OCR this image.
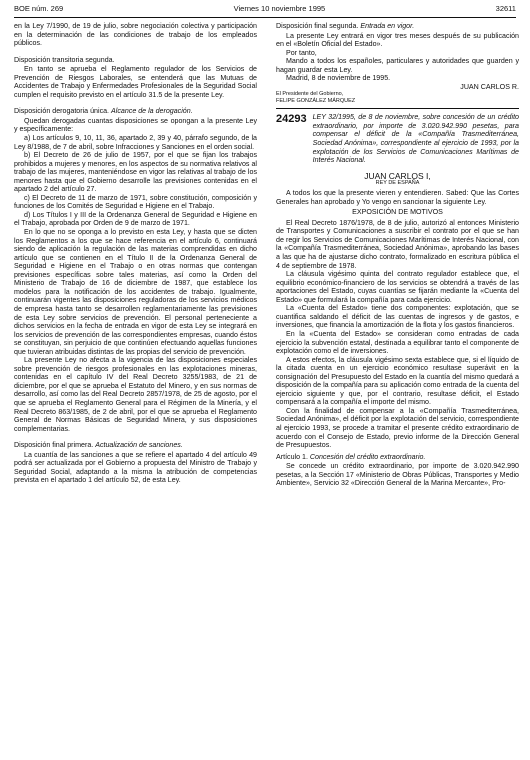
BOE núm. 269	Viernes 10 noviembre 1995	32611

en la Ley 7/1990, de 19 de julio, sobre negociación colectiva y participación en la determinación de las condiciones de trabajo de los empleados públicos.

Disposición transitoria segunda.

En tanto se aprueba el Reglamento regulador de los Servicios de Prevención de Riesgos Laborales, se entenderá que las Mutuas de Accidentes de Trabajo y Enfermedades Profesionales de la Seguridad Social cumplen el requisito previsto en el artículo 31.5 de la presente Ley.

Disposición derogatoria única. Alcance de la derogación.

Quedan derogadas cuantas disposiciones se opongan a la presente Ley y específicamente:

a) Los artículos 9, 10, 11, 36, apartado 2, 39 y 40, párrafo segundo, de la Ley 8/1988, de 7 de abril, sobre Infracciones y Sanciones en el orden social.

b) El Decreto de 26 de julio de 1957, por el que se fijan los trabajos prohibidos a mujeres y menores, en los aspectos de su normativa relativos al trabajo de las mujeres, manteniéndose en vigor las relativas al trabajo de los menores hasta que el Gobierno desarrolle las previsiones contenidas en el apartado 2 del artículo 27.

c) El Decreto de 11 de marzo de 1971, sobre constitución, composición y funciones de los Comités de Seguridad e Higiene en el Trabajo.

d) Los Títulos I y III de la Ordenanza General de Seguridad e Higiene en el Trabajo, aprobada por Orden de 9 de marzo de 1971.

En lo que no se oponga a lo previsto en esta Ley, y hasta que se dicten los Reglamentos a los que se hace referencia en el artículo 6, continuará siendo de aplicación la regulación de las materias comprendidas en dicho artículo que se contienen en el Título II de la Ordenanza General de Seguridad e Higiene en el Trabajo o en otras normas que contengan previsiones específicas sobre tales materias, así como la Orden del Ministerio de Trabajo de 16 de diciembre de 1987, que establece los modelos para la notificación de los accidentes de trabajo. Igualmente, continuarán vigentes las disposiciones reguladoras de los servicios médicos de empresa hasta tanto se desarrollen reglamentariamente las previsiones de esta Ley sobre servicios de prevención. El personal perteneciente a dichos servicios en la fecha de entrada en vigor de esta Ley se integrará en los servicios de prevención de las correspondientes empresas, cuando éstos se constituyan, sin perjuicio de que continúen efectuando aquellas funciones que tuvieran atribuidas distintas de las propias del servicio de prevención.

La presente Ley no afecta a la vigencia de las disposiciones especiales sobre prevención de riesgos profesionales en las explotaciones mineras, contenidas en el capítulo IV del Real Decreto 3255/1983, de 21 de diciembre, por el que se aprueba el Estatuto del Minero, y en sus normas de desarrollo, así como las del Real Decreto 2857/1978, de 25 de agosto, por el que se aprueba el Reglamento General para el Régimen de la Minería, y el Real Decreto 863/1985, de 2 de abril, por el que se aprueba el Reglamento General de Normas Básicas de Seguridad Minera, y sus disposiciones complementarias.

Disposición final primera. Actualización de sanciones.

La cuantía de las sanciones a que se refiere el apartado 4 del artículo 49 podrá ser actualizada por el Gobierno a propuesta del Ministro de Trabajo y Seguridad Social, adaptando a la misma la atribución de competencias prevista en el apartado 1 del artículo 52, de esta Ley.

Disposición final segunda. Entrada en vigor.

La presente Ley entrará en vigor tres meses después de su publicación en el «Boletín Oficial del Estado».

Por tanto,

Mando a todos los españoles, particulares y autoridades que guarden y hagan guardar esta Ley.

Madrid, 8 de noviembre de 1995.

JUAN CARLOS R.

El Presidente del Gobierno,

FELIPE GONZÁLEZ MÁRQUEZ

24293 LEY 32/1995, de 8 de noviembre, sobre concesión de un crédito extraordinario, por importe de 3.020.942.990 pesetas, para compensar el déficit de la «Compañía Trasmediterránea, Sociedad Anónima», correspondiente al ejercicio de 1993, por la explotación de los Servicios de Comunicaciones Marítimas de Interés Nacional.

JUAN CARLOS I,

REY DE ESPAÑA

A todos los que la presente vieren y entendieren. Sabed: Que las Cortes Generales han aprobado y Yo vengo en sancionar la siguiente Ley.

EXPOSICIÓN DE MOTIVOS

El Real Decreto 1876/1978, de 8 de julio, autorizó al entonces Ministerio de Transportes y Comunicaciones a suscribir el contrato por el que se han de regir los Servicios de Comunicaciones Marítimas de Interés Nacional, con la «Compañía Trasmediterránea, Sociedad Anónima», aprobando las bases a las que ha de ajustarse dicho contrato, formalizado en escritura pública el 4 de septiembre de 1978.

La cláusula vigésimo quinta del contrato regulador establece que, el equilibrio económico-financiero de los servicios se obtendrá a través de las aportaciones del Estado, cuyas cuantías se fijarán mediante la «Cuenta del Estado» que formulará la compañía para cada ejercicio.

La «Cuenta del Estado» tiene dos componentes: explotación, que se cuantifica saldando el déficit de las cuentas de ingresos y de gastos, e inversiones, que financia la amortización de la flota y los gastos financieros.

En la «Cuenta del Estado» se consideran como entradas de cada ejercicio la subvención estatal, destinada a equilibrar tanto el componente de explotación como el de inversiones.

A estos efectos, la cláusula vigésimo sexta establece que, si el líquido de la citada cuenta en un ejercicio económico resultase superávit en la consignación del Presupuesto del Estado en la cuantía del mismo quedará a disposición de la compañía para su aplicación como entrada de la cuenta del ejercicio siguiente y que, por el contrario, resultase déficit, el Estado compensará a la compañía el importe del mismo.

Con la finalidad de compensar a la «Compañía Trasmediterránea, Sociedad Anónima», el déficit por la explotación del servicio, correspondiente al ejercicio 1993, se procede a tramitar el presente crédito extraordinario de acuerdo con el Consejo de Estado, previo informe de la Dirección General de Presupuestos.

Artículo 1. Concesión del crédito extraordinario.

Se concede un crédito extraordinario, por importe de 3.020.942.990 pesetas, a la Sección 17 «Ministerio de Obras Públicas, Transportes y Medio Ambiente», Servicio 32 «Dirección General de la Marina Mercante», Pro-
